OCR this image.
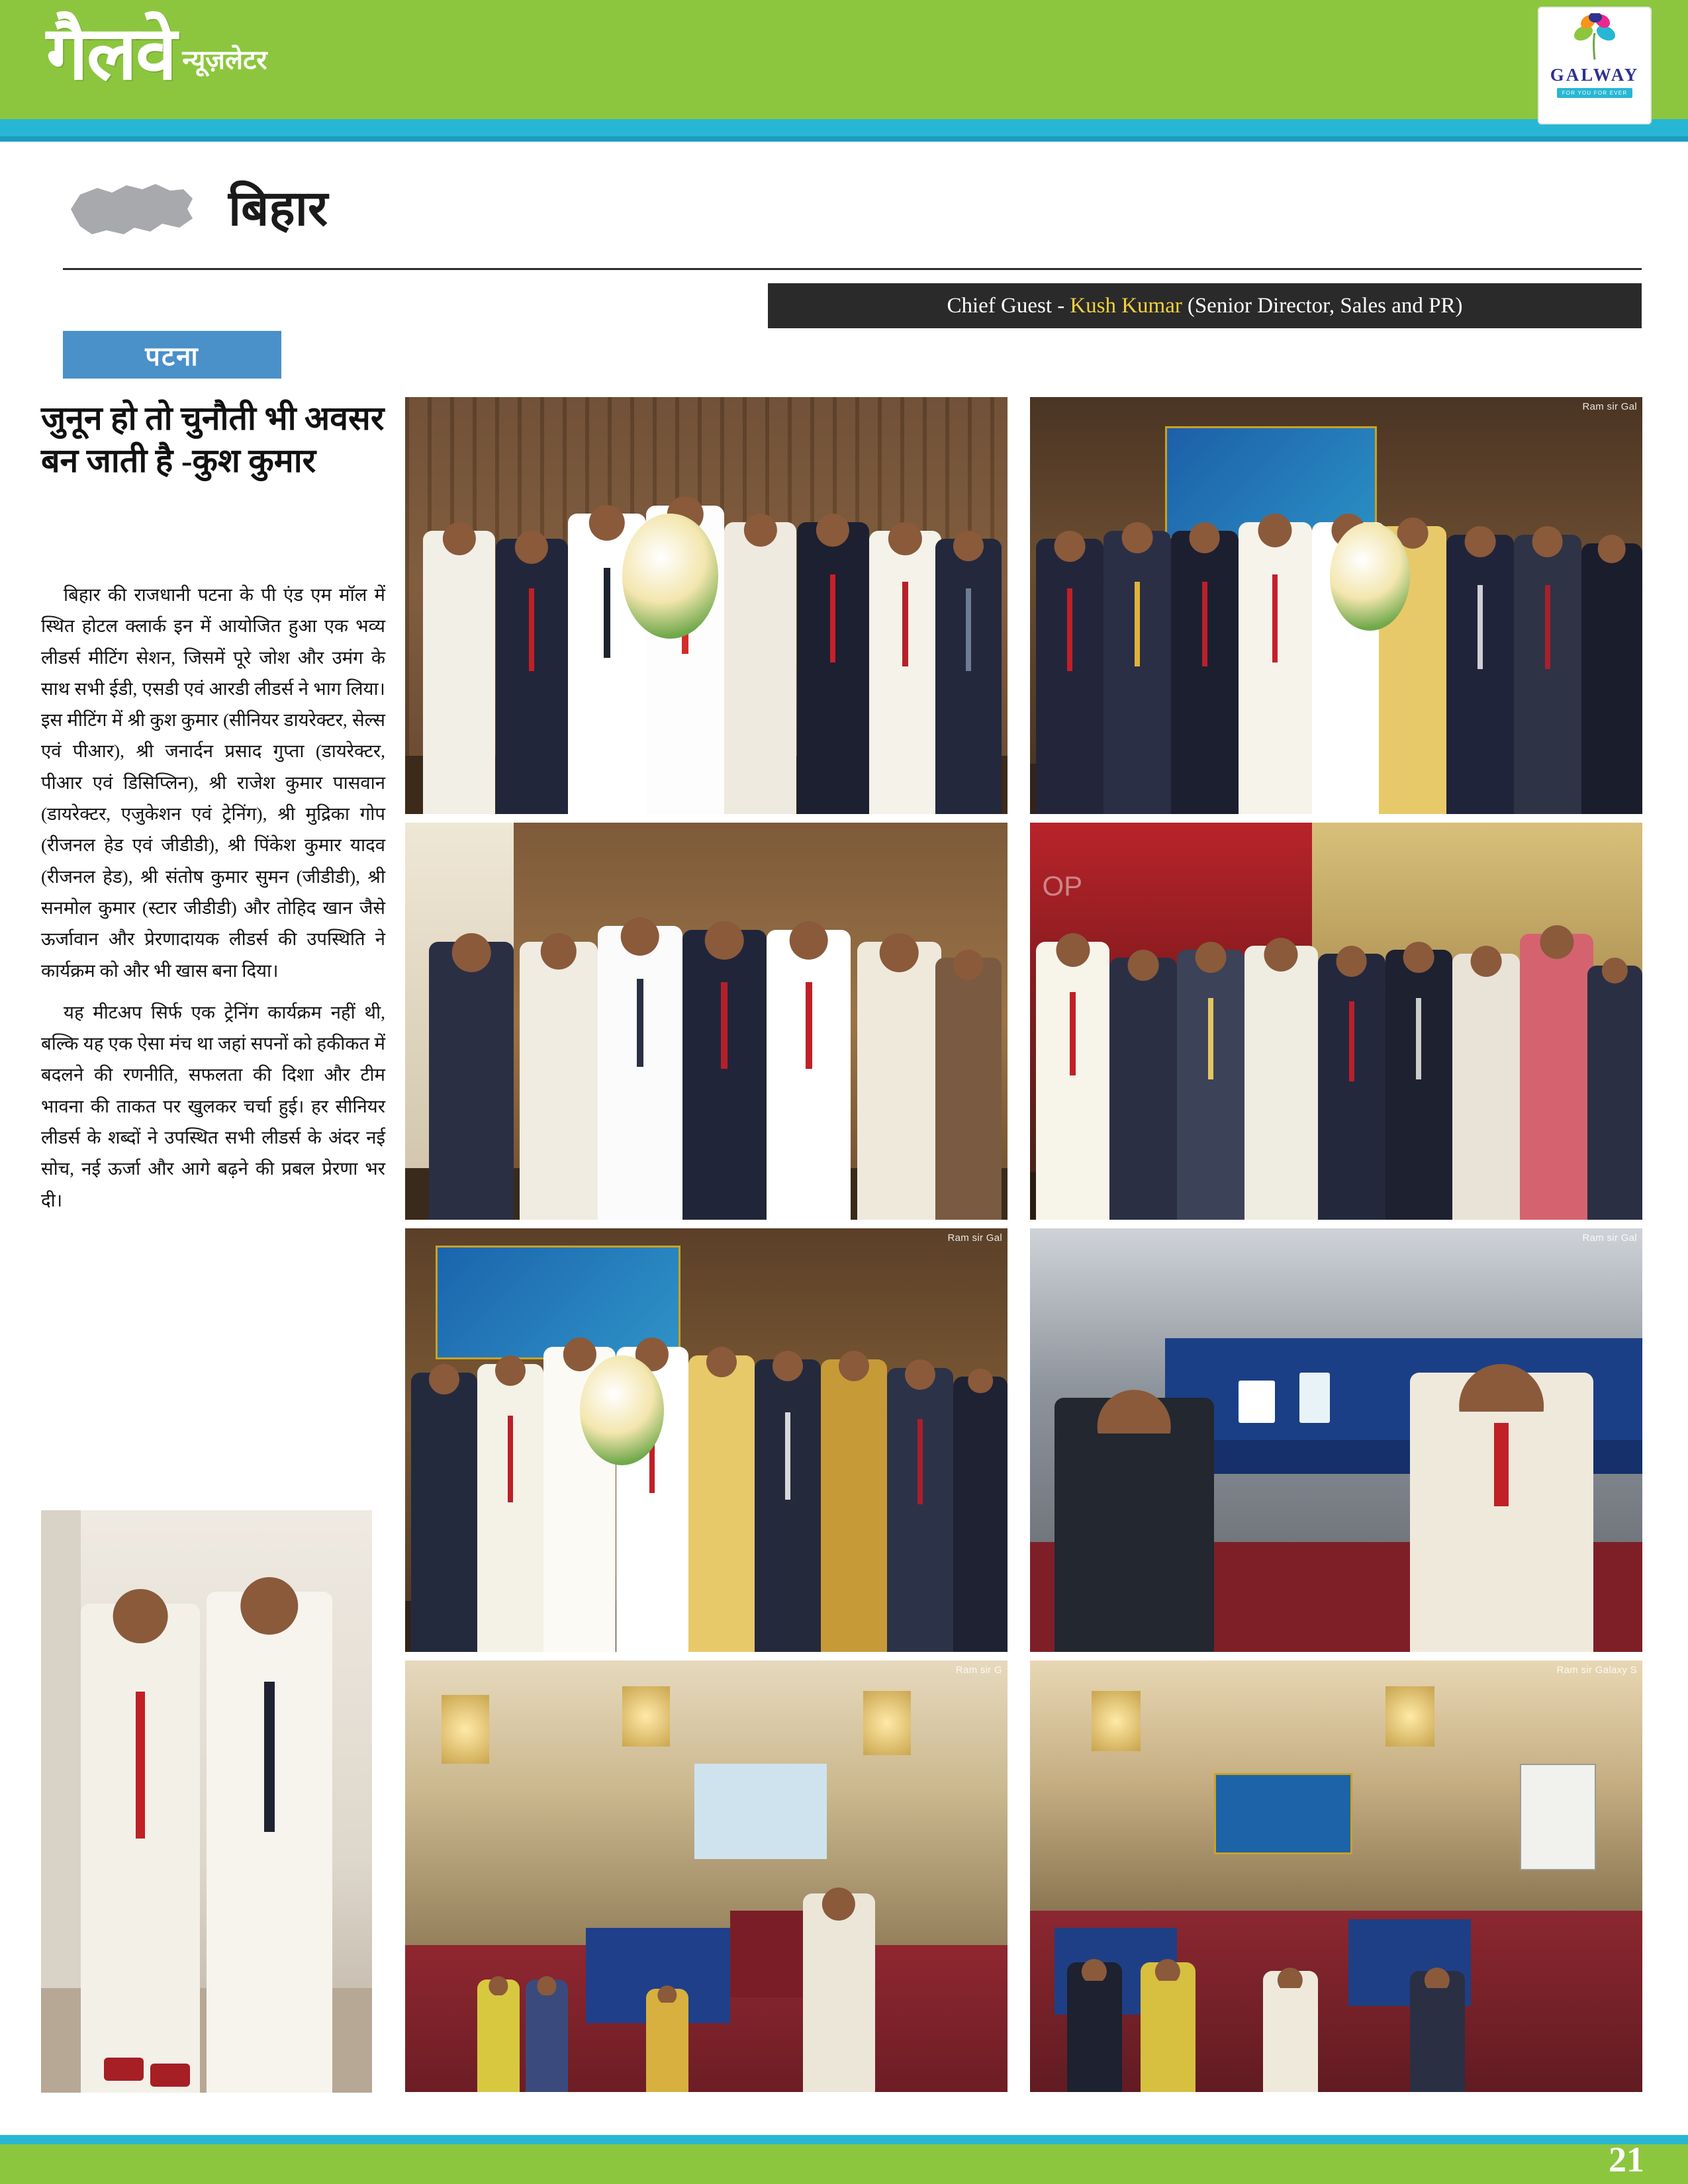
गैलवे न्यूज़लेटर	GALWAY
FOR YOU FOR EVER
बिहार
पटना
Chief Guest - Kush Kumar (Senior Director, Sales and PR)
जुनून हो तो चुनौती भी अवसर बन जाती है -कुश कुमार

बिहार की राजधानी पटना के पी एंड एम मॉल में स्थित होटल क्लार्क इन में आयोजित हुआ एक भव्य लीडर्स मीटिंग सेशन, जिसमें पूरे जोश और उमंग के साथ सभी ईडी, एसडी एवं आरडी लीडर्स ने भाग लिया। इस मीटिंग में श्री कुश कुमार (सीनियर डायरेक्टर, सेल्स एवं पीआर), श्री जनार्दन प्रसाद गुप्ता (डायरेक्टर, पीआर एवं डिसिप्लिन), श्री राजेश कुमार पासवान (डायरेक्टर, एजुकेशन एवं ट्रेनिंग), श्री मुद्रिका गोप (रीजनल हेड एवं जीडीडी), श्री पिंकेश कुमार यादव (रीजनल हेड), श्री संतोष कुमार सुमन (जीडीडी), श्री सनमोल कुमार (स्टार जीडीडी) और तोहिद खान जैसे ऊर्जावान और प्रेरणादायक लीडर्स की उपस्थिति ने कार्यक्रम को और भी खास बना दिया।

यह मीटअप सिर्फ एक ट्रेनिंग कार्यक्रम नहीं थी, बल्कि यह एक ऐसा मंच था जहां सपनों को हकीकत में बदलने की रणनीति, सफलता की दिशा और टीम भावना की ताकत पर खुलकर चर्चा हुई। हर सीनियर लीडर्स के शब्दों ने उपस्थित सभी लीडर्स के अंदर नई सोच, नई ऊर्जा और आगे बढ़ने की प्रबल प्रेरणा भर दी।

Ram sir Gal
OP
Ram sir Gal	Ram sir Gal
Ram sir G	Ram sir Galaxy S
21
